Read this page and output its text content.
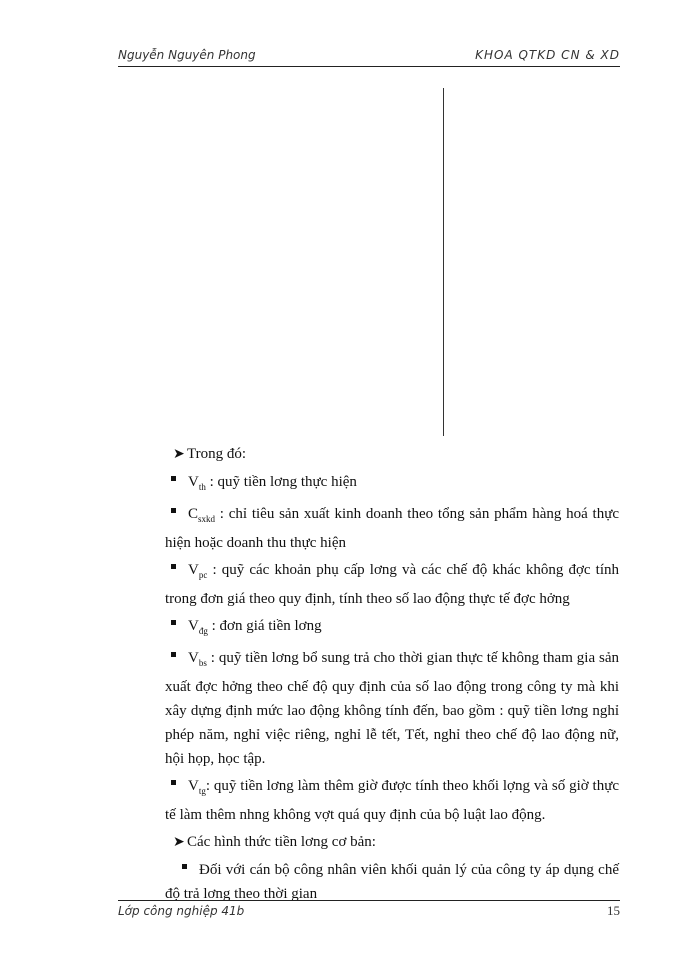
Nguyễn Nguyên Phong	KHOA QTKD CN & XD

➤ Trong đó:

$V_{th}$ : quỹ tiền lơng thực hiện

$C_{sxkd}$ : chỉ tiêu sản xuất kinh doanh theo tổng sản phẩm hàng hoá thực hiện hoặc doanh thu thực hiện

$V_{pc}$ : quỹ các khoản phụ cấp lơng và các chế độ khác không đợc tính trong đơn giá theo quy định, tính theo số lao động thực tế đợc hởng

$V_{đg}$ : đơn giá tiền lơng

$V_{bs}$ : quỹ tiền lơng bổ sung trả cho thời gian thực tế không tham gia sản xuất đợc hởng theo chế độ quy định của số lao động trong công ty mà khi xây dựng định mức lao động không tính đến, bao gồm : quỹ tiền lơng nghỉ phép năm, nghỉ việc riêng, nghỉ lễ tết, Tết, nghỉ theo chế độ lao động nữ, hội họp, học tập.

$V_{tg}$: quỹ tiền lơng làm thêm giờ được tính theo khối lợng và số giờ thực tế làm thêm nhng không vợt quá quy định của bộ luật lao động.

➤ Các hình thức tiền lơng cơ bản:

Đối với cán bộ công nhân viên khối quản lý của công ty áp dụng chế độ trả lơng theo thời gian

Lớp công nghiệp 41b	15
